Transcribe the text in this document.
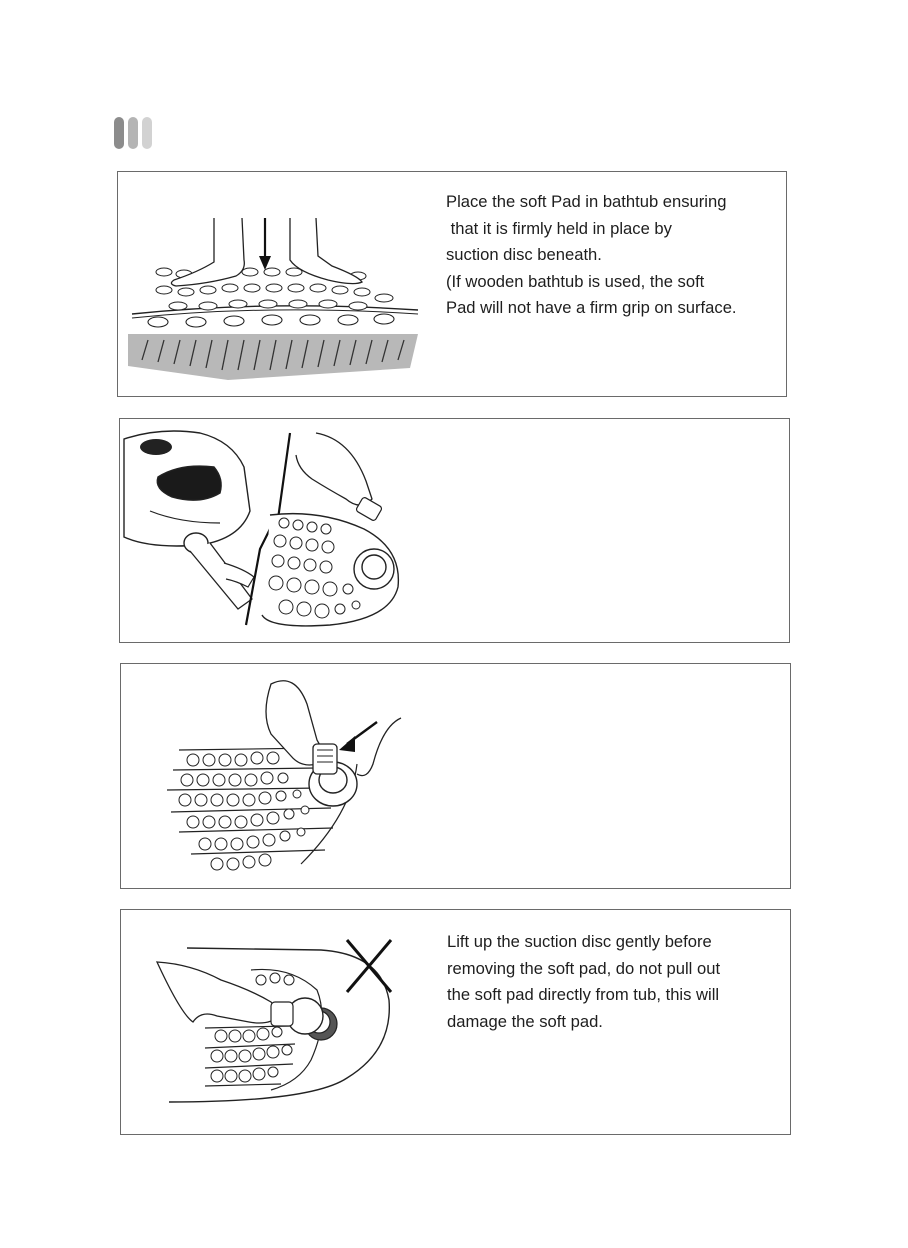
Place the soft Pad in bathtub ensuring
that it is firmly held in place by
suction disc beneath.
(If wooden bathtub is used, the soft
Pad will not have a firm grip on surface.
Lift up the suction disc gently before
removing the soft pad, do not pull out
the soft pad directly from tub, this will
damage the soft pad.
